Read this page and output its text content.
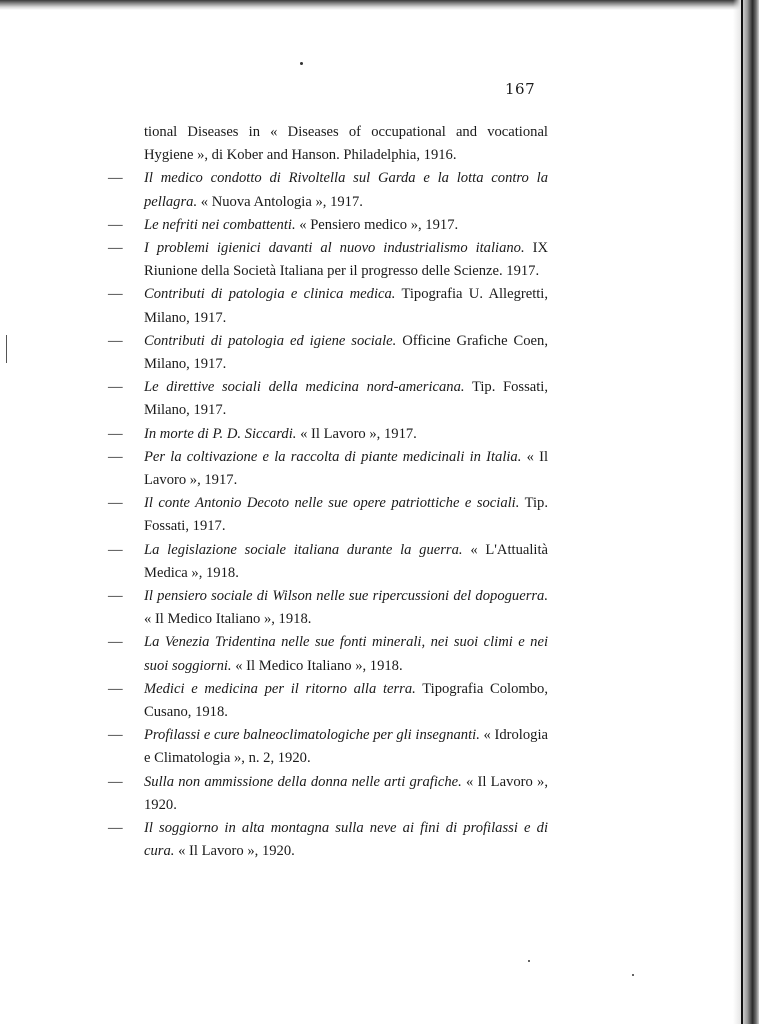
167
tional Diseases in « Diseases of occupational and vocational Hygiene », di Kober and Hanson. Philadelphia, 1916.
— Il medico condotto di Rivoltella sul Garda e la lotta contro la pellagra. « Nuova Antologia », 1917.
— Le nefriti nei combattenti. « Pensiero medico », 1917.
— I problemi igienici davanti al nuovo industrialismo italiano. IX Riunione della Società Italiana per il progresso delle Scienze. 1917.
— Contributi di patologia e clinica medica. Tipografia U. Allegretti, Milano, 1917.
— Contributi di patologia ed igiene sociale. Officine Grafiche Coen, Milano, 1917.
— Le direttive sociali della medicina nord-americana. Tip. Fossati, Milano, 1917.
— In morte di P. D. Siccardi. « Il Lavoro », 1917.
— Per la coltivazione e la raccolta di piante medicinali in Italia. « Il Lavoro », 1917.
— Il conte Antonio Decoto nelle sue opere patriottiche e sociali. Tip. Fossati, 1917.
— La legislazione sociale italiana durante la guerra. « L'Attualità Medica », 1918.
— Il pensiero sociale di Wilson nelle sue ripercussioni del dopoguerra. « Il Medico Italiano », 1918.
— La Venezia Tridentina nelle sue fonti minerali, nei suoi climi e nei suoi soggiorni. « Il Medico Italiano », 1918.
— Medici e medicina per il ritorno alla terra. Tipografia Colombo, Cusano, 1918.
— Profilassi e cure balneoclimatologiche per gli insegnanti. « Idrologia e Climatologia », n. 2, 1920.
— Sulla non ammissione della donna nelle arti grafiche. « Il Lavoro », 1920.
— Il soggiorno in alta montagna sulla neve ai fini di profilassi e di cura. « Il Lavoro », 1920.
